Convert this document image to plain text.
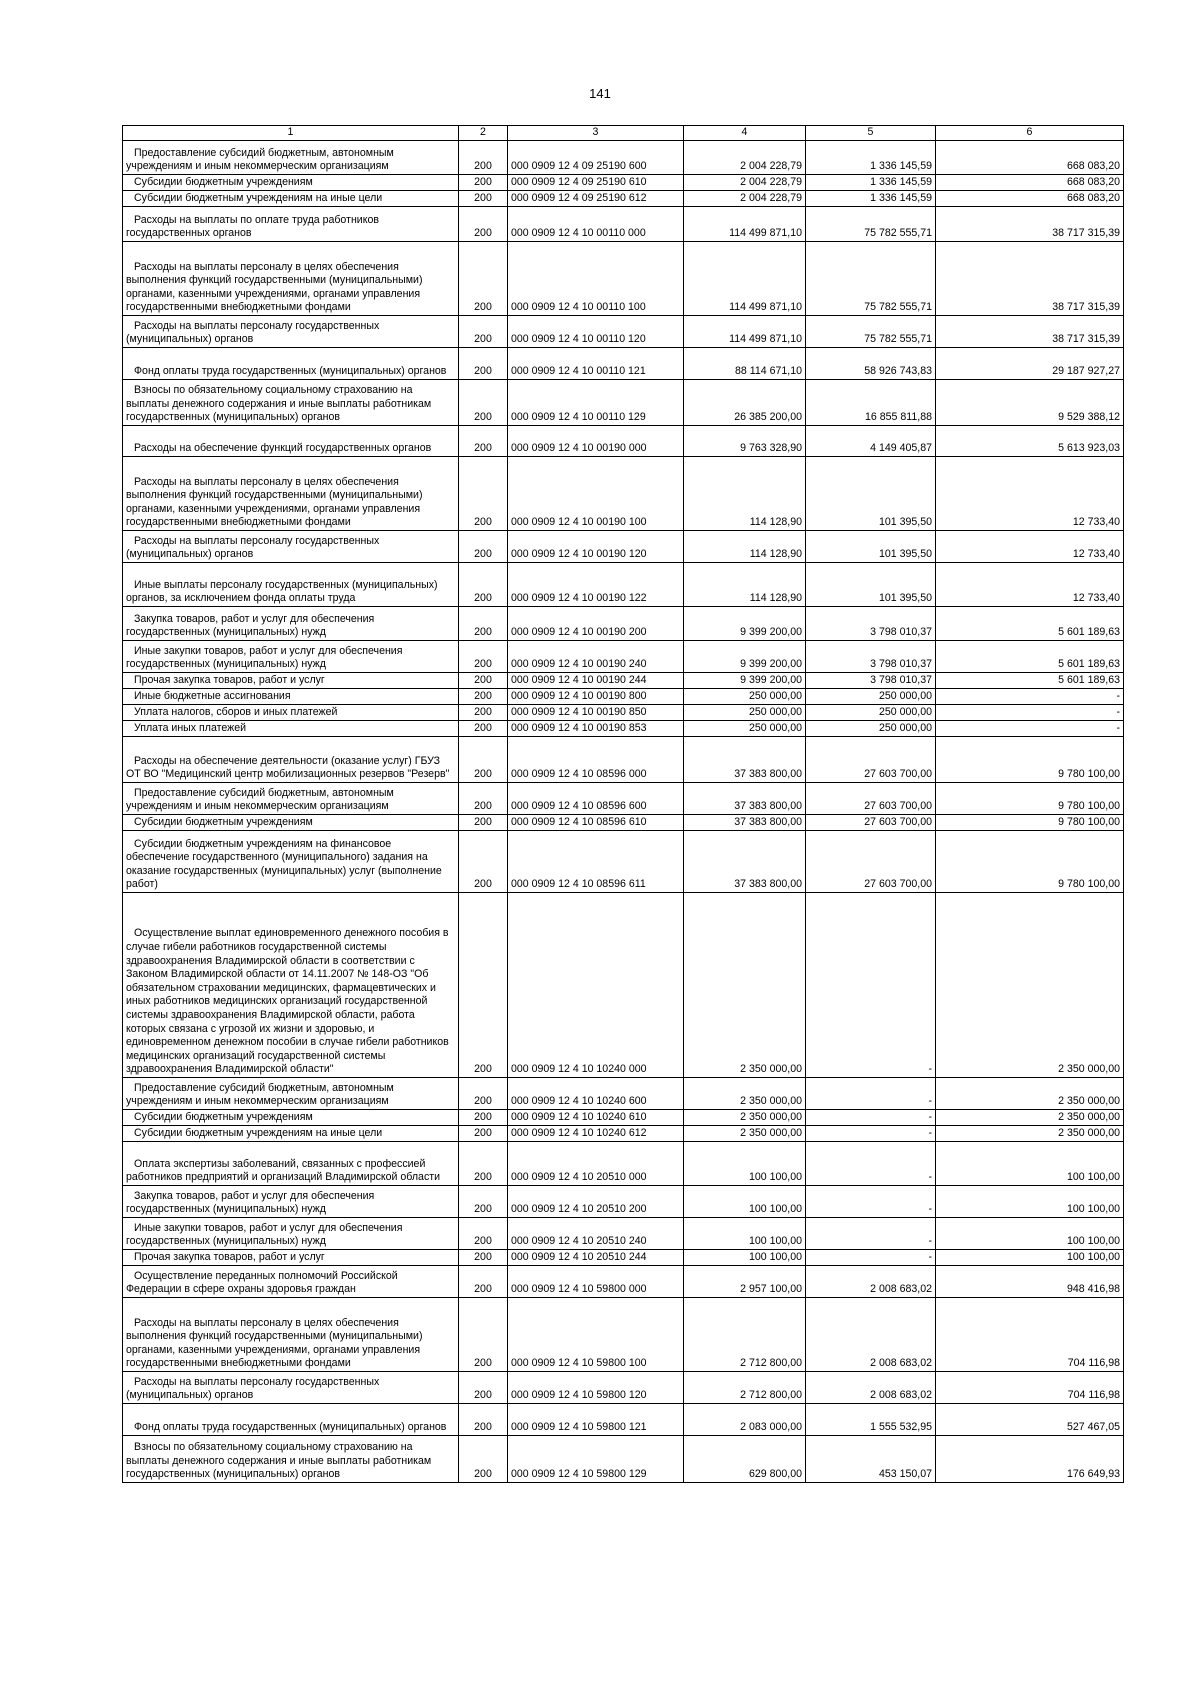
141
1	2	3	4	5	6

Предоставление субсидий бюджетным, автономным учреждениям и иным некоммерческим организациям	200	000 0909 12 4 09 25190 600	2 004 228,79	1 336 145,59	668 083,20

Субсидии бюджетным учреждениям	200	000 0909 12 4 09 25190 610	2 004 228,79	1 336 145,59	668 083,20

Субсидии бюджетным учреждениям на иные цели	200	000 0909 12 4 09 25190 612	2 004 228,79	1 336 145,59	668 083,20

Расходы на выплаты по оплате труда работников государственных органов	200	000 0909 12 4 10 00110 000	114 499 871,10	75 782 555,71	38 717 315,39

Расходы на выплаты персоналу в целях обеспечения выполнения функций государственными (муниципальными) органами, казенными учреждениями, органами управления государственными внебюджетными фондами	200	000 0909 12 4 10 00110 100	114 499 871,10	75 782 555,71	38 717 315,39

Расходы на выплаты персоналу государственных (муниципальных) органов	200	000 0909 12 4 10 00110 120	114 499 871,10	75 782 555,71	38 717 315,39

Фонд оплаты труда государственных (муниципальных) органов	200	000 0909 12 4 10 00110 121	88 114 671,10	58 926 743,83	29 187 927,27

Взносы по обязательному социальному страхованию на выплаты денежного содержания и иные выплаты работникам государственных (муниципальных) органов	200	000 0909 12 4 10 00110 129	26 385 200,00	16 855 811,88	9 529 388,12

Расходы на обеспечение функций государственных органов	200	000 0909 12 4 10 00190 000	9 763 328,90	4 149 405,87	5 613 923,03

Расходы на выплаты персоналу в целях обеспечения выполнения функций государственными (муниципальными) органами, казенными учреждениями, органами управления государственными внебюджетными фондами	200	000 0909 12 4 10 00190 100	114 128,90	101 395,50	12 733,40

Расходы на выплаты персоналу государственных (муниципальных) органов	200	000 0909 12 4 10 00190 120	114 128,90	101 395,50	12 733,40

Иные выплаты персоналу государственных (муниципальных) органов, за исключением фонда оплаты труда	200	000 0909 12 4 10 00190 122	114 128,90	101 395,50	12 733,40

Закупка товаров, работ и услуг для обеспечения государственных (муниципальных) нужд	200	000 0909 12 4 10 00190 200	9 399 200,00	3 798 010,37	5 601 189,63

Иные закупки товаров, работ и услуг для обеспечения государственных (муниципальных) нужд	200	000 0909 12 4 10 00190 240	9 399 200,00	3 798 010,37	5 601 189,63

Прочая закупка товаров, работ и услуг	200	000 0909 12 4 10 00190 244	9 399 200,00	3 798 010,37	5 601 189,63

Иные бюджетные ассигнования	200	000 0909 12 4 10 00190 800	250 000,00	250 000,00	-

Уплата налогов, сборов и иных платежей	200	000 0909 12 4 10 00190 850	250 000,00	250 000,00	-

Уплата иных платежей	200	000 0909 12 4 10 00190 853	250 000,00	250 000,00	-

Расходы на обеспечение деятельности (оказание услуг) ГБУЗ ОТ ВО "Медицинский центр мобилизационных резервов "Резерв"	200	000 0909 12 4 10 08596 000	37 383 800,00	27 603 700,00	9 780 100,00

Предоставление субсидий бюджетным, автономным учреждениям и иным некоммерческим организациям	200	000 0909 12 4 10 08596 600	37 383 800,00	27 603 700,00	9 780 100,00

Субсидии бюджетным учреждениям	200	000 0909 12 4 10 08596 610	37 383 800,00	27 603 700,00	9 780 100,00

Субсидии бюджетным учреждениям на финансовое обеспечение государственного (муниципального) задания на оказание государственных (муниципальных) услуг (выполнение работ)	200	000 0909 12 4 10 08596 611	37 383 800,00	27 603 700,00	9 780 100,00

Осуществление выплат единовременного денежного пособия в случае гибели работников государственной системы здравоохранения Владимирской области в соответствии с Законом Владимирской области от 14.11.2007 № 148-ОЗ "Об обязательном страховании медицинских, фармацевтических и иных работников медицинских организаций государственной системы здравоохранения Владимирской области, работа которых связана с угрозой их жизни и здоровью, и единовременном денежном пособии в случае гибели работников медицинских организаций государственной системы здравоохранения Владимирской области"	200	000 0909 12 4 10 10240 000	2 350 000,00	-	2 350 000,00

Предоставление субсидий бюджетным, автономным учреждениям и иным некоммерческим организациям	200	000 0909 12 4 10 10240 600	2 350 000,00	-	2 350 000,00

Субсидии бюджетным учреждениям	200	000 0909 12 4 10 10240 610	2 350 000,00	-	2 350 000,00

Субсидии бюджетным учреждениям на иные цели	200	000 0909 12 4 10 10240 612	2 350 000,00	-	2 350 000,00

Оплата экспертизы заболеваний, связанных с профессией работников предприятий и организаций Владимирской области	200	000 0909 12 4 10 20510 000	100 100,00	-	100 100,00

Закупка товаров, работ и услуг для обеспечения государственных (муниципальных) нужд	200	000 0909 12 4 10 20510 200	100 100,00	-	100 100,00

Иные закупки товаров, работ и услуг для обеспечения государственных (муниципальных) нужд	200	000 0909 12 4 10 20510 240	100 100,00	-	100 100,00

Прочая закупка товаров, работ и услуг	200	000 0909 12 4 10 20510 244	100 100,00	-	100 100,00

Осуществление переданных полномочий Российской Федерации в сфере охраны здоровья граждан	200	000 0909 12 4 10 59800 000	2 957 100,00	2 008 683,02	948 416,98

Расходы на выплаты персоналу в целях обеспечения выполнения функций государственными (муниципальными) органами, казенными учреждениями, органами управления государственными внебюджетными фондами	200	000 0909 12 4 10 59800 100	2 712 800,00	2 008 683,02	704 116,98

Расходы на выплаты персоналу государственных (муниципальных) органов	200	000 0909 12 4 10 59800 120	2 712 800,00	2 008 683,02	704 116,98

Фонд оплаты труда государственных (муниципальных) органов	200	000 0909 12 4 10 59800 121	2 083 000,00	1 555 532,95	527 467,05

Взносы по обязательному социальному страхованию на выплаты денежного содержания и иные выплаты работникам государственных (муниципальных) органов	200	000 0909 12 4 10 59800 129	629 800,00	453 150,07	176 649,93
